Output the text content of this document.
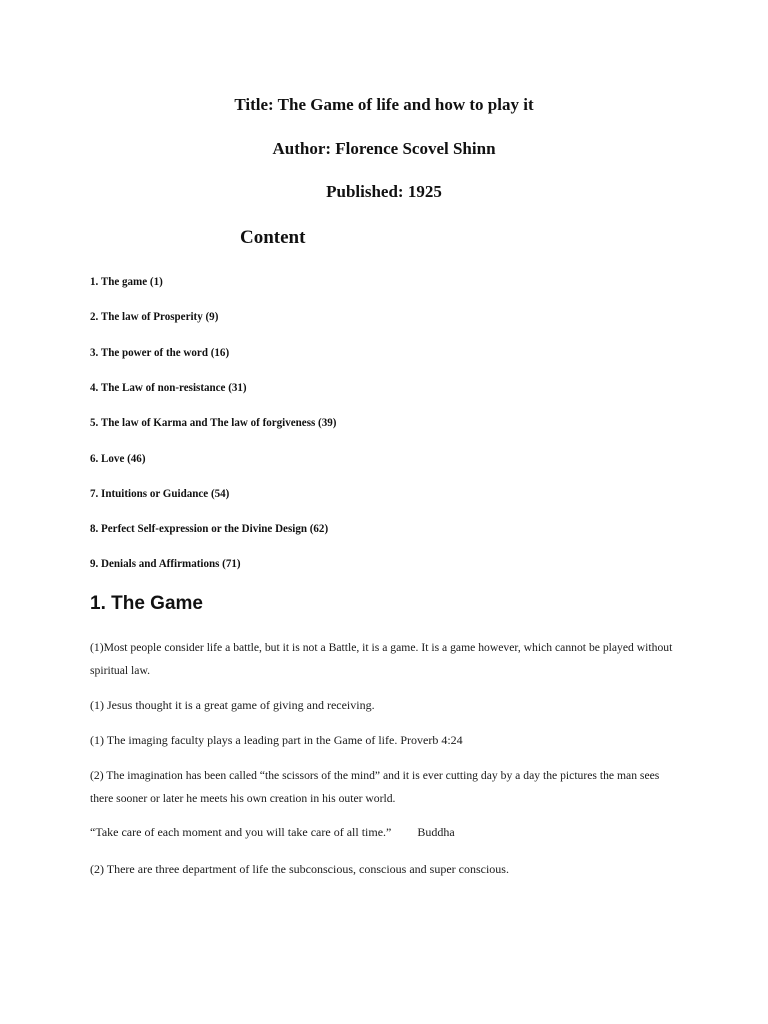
Title: The Game of life and how to play it
Author: Florence Scovel Shinn
Published: 1925
Content
1. The game (1)
2. The law of Prosperity (9)
3. The power of the word (16)
4. The Law of non-resistance (31)
5. The law of Karma and The law of forgiveness (39)
6. Love (46)
7. Intuitions or Guidance (54)
8. Perfect Self-expression or the Divine Design (62)
9. Denials and Affirmations (71)
1. The Game
(1)Most people consider life a battle, but it is not a Battle, it is a game. It is a game however, which cannot be played without spiritual law.
(1) Jesus thought it is a great game of giving and receiving.
(1) The imaging faculty plays a leading part in the Game of life. Proverb 4:24
(2) The imagination has been called “the scissors of the mind” and it is ever cutting day by a day the pictures the man sees there sooner or later he meets his own creation in his outer world.
“Take care of each moment and you will take care of all time.” Buddha
(2) There are three department of life the subconscious, conscious and super conscious.
